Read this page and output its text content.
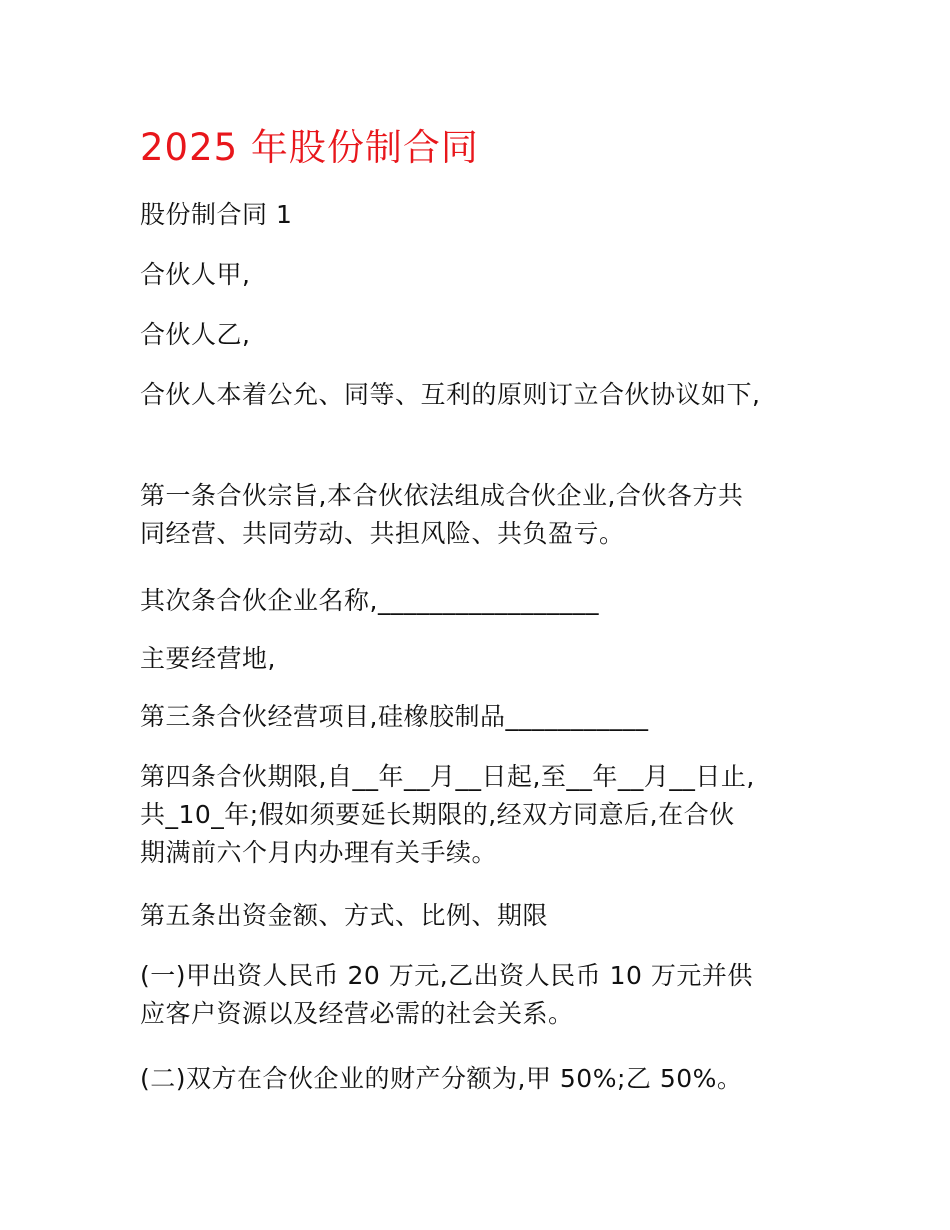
2025 年股份制合同
股份制合同 1
合伙人甲,
合伙人乙,
合伙人本着公允、同等、互利的原则订立合伙协议如下,
第一条合伙宗旨,本合伙依法组成合伙企业,合伙各方共
同经营、共同劳动、共担风险、共负盈亏。
其次条合伙企业名称,_________________
主要经营地,
第三条合伙经营项目,硅橡胶制品___________
第四条合伙期限,自__年__月__日起,至__年__月__日止,
共_10_年;假如须要延长期限的,经双方同意后,在合伙
期满前六个月内办理有关手续。
第五条出资金额、方式、比例、期限
(一)甲出资人民币 20 万元,乙出资人民币 10 万元并供
应客户资源以及经营必需的社会关系。
(二)双方在合伙企业的财产分额为,甲 50%;乙 50%。
